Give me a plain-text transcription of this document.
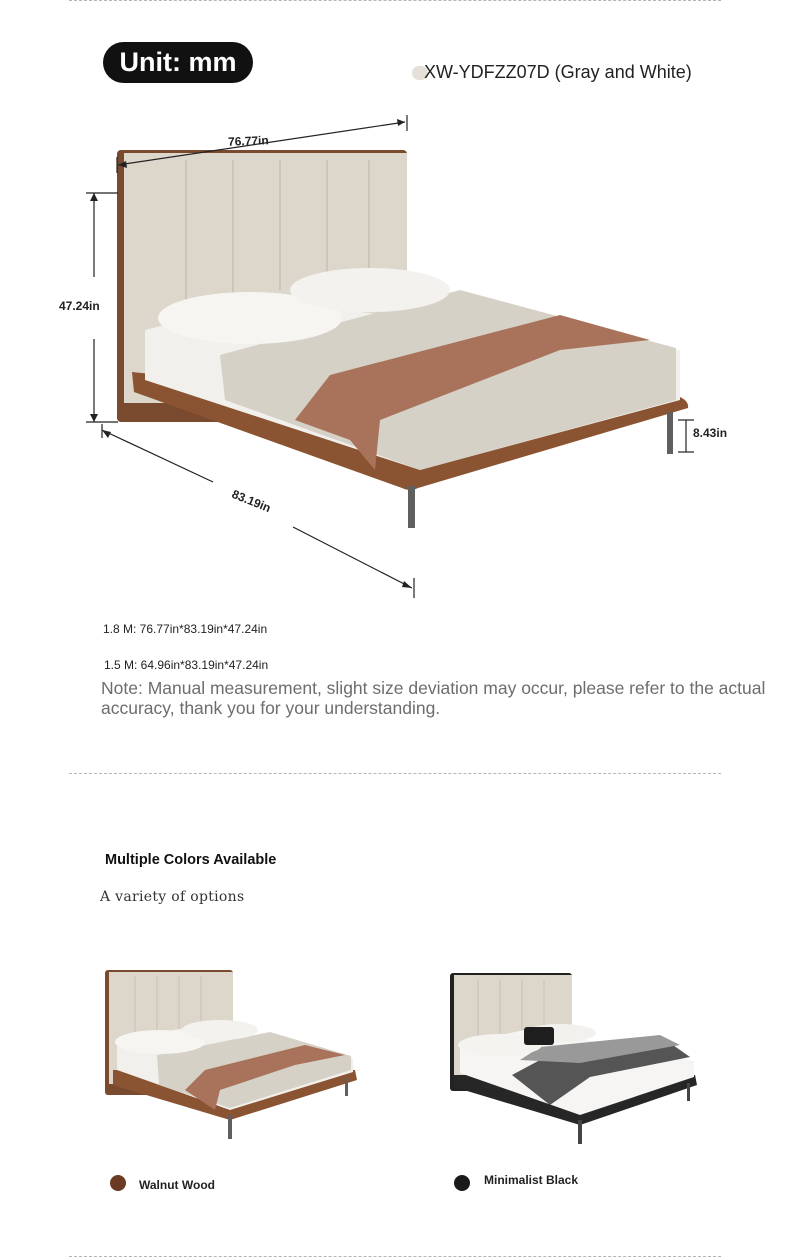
Unit: mm	XW-YDFZZ07D (Gray and White)
76.77in
47.24in
83.19in
8.43in
1.8 M: 76.77in*83.19in*47.24in
1.5 M: 64.96in*83.19in*47.24in
Note: Manual measurement, slight size deviation may occur, please refer to the actual accuracy, thank you for your understanding.
Multiple Colors Available
A variety of options
Walnut Wood	Minimalist Black
